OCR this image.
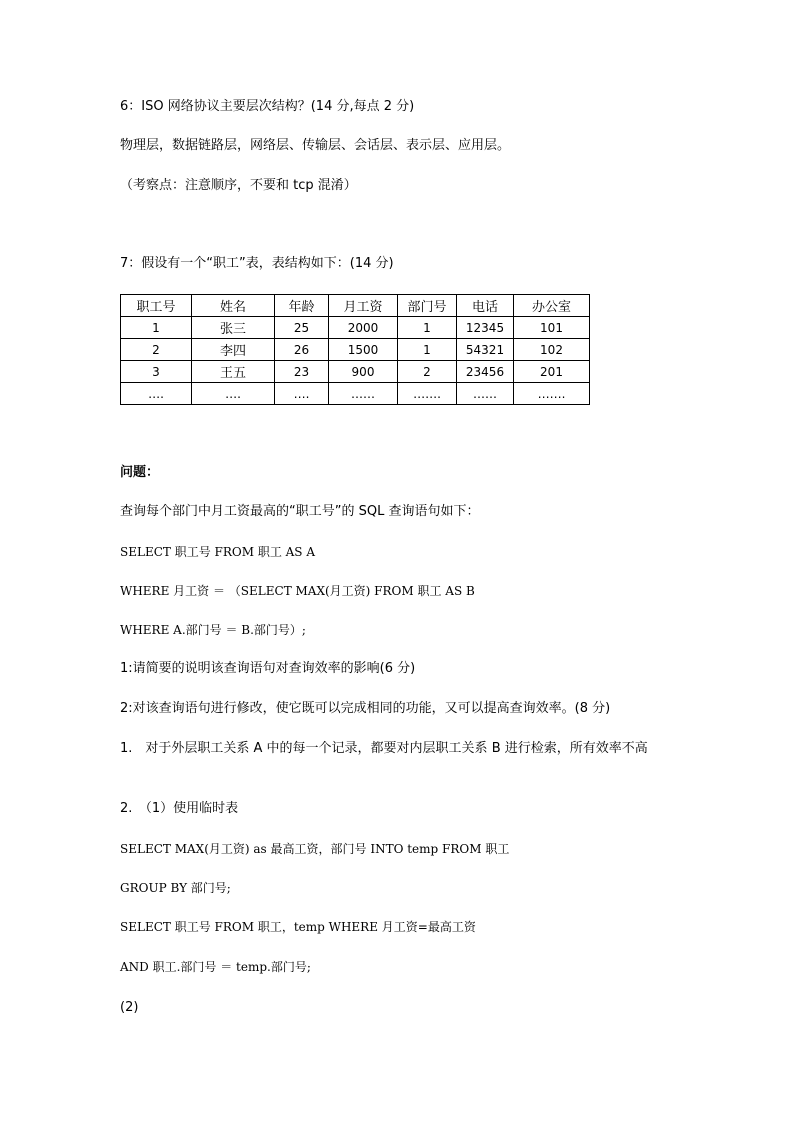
6：ISO 网络协议主要层次结构？(14 分,每点 2 分)
物理层，数据链路层，网络层、传输层、会话层、表示层、应用层。
（考察点：注意顺序，不要和 tcp 混淆）
7：假设有一个“职工”表，表结构如下：(14 分)
职工号	姓名	年龄	月工资	部门号	电话	办公室
1	张三	25	2000	1	12345	101
2	李四	26	1500	1	54321	102
3	王五	23	900	2	23456	201
….	….	….	……	…….	……	…….
问题：
查询每个部门中月工资最高的“职工号”的 SQL 查询语句如下：
SELECT 职工号 FROM 职工 AS A
WHERE 月工资 ＝ （SELECT MAX(月工资) FROM 职工 AS B
WHERE A.部门号 ＝ B.部门号）;
1:请简要的说明该查询语句对查询效率的影响(6 分)
2:对该查询语句进行修改，使它既可以完成相同的功能，又可以提高查询效率。(8 分)
1.　对于外层职工关系 A 中的每一个记录，都要对内层职工关系 B 进行检索，所有效率不高
2.　（1）使用临时表
SELECT MAX(月工资) as 最高工资，部门号 INTO temp FROM 职工
GROUP BY 部门号;
SELECT 职工号 FROM 职工，temp WHERE 月工资=最高工资
AND 职工.部门号 ＝ temp.部门号;
(2)
